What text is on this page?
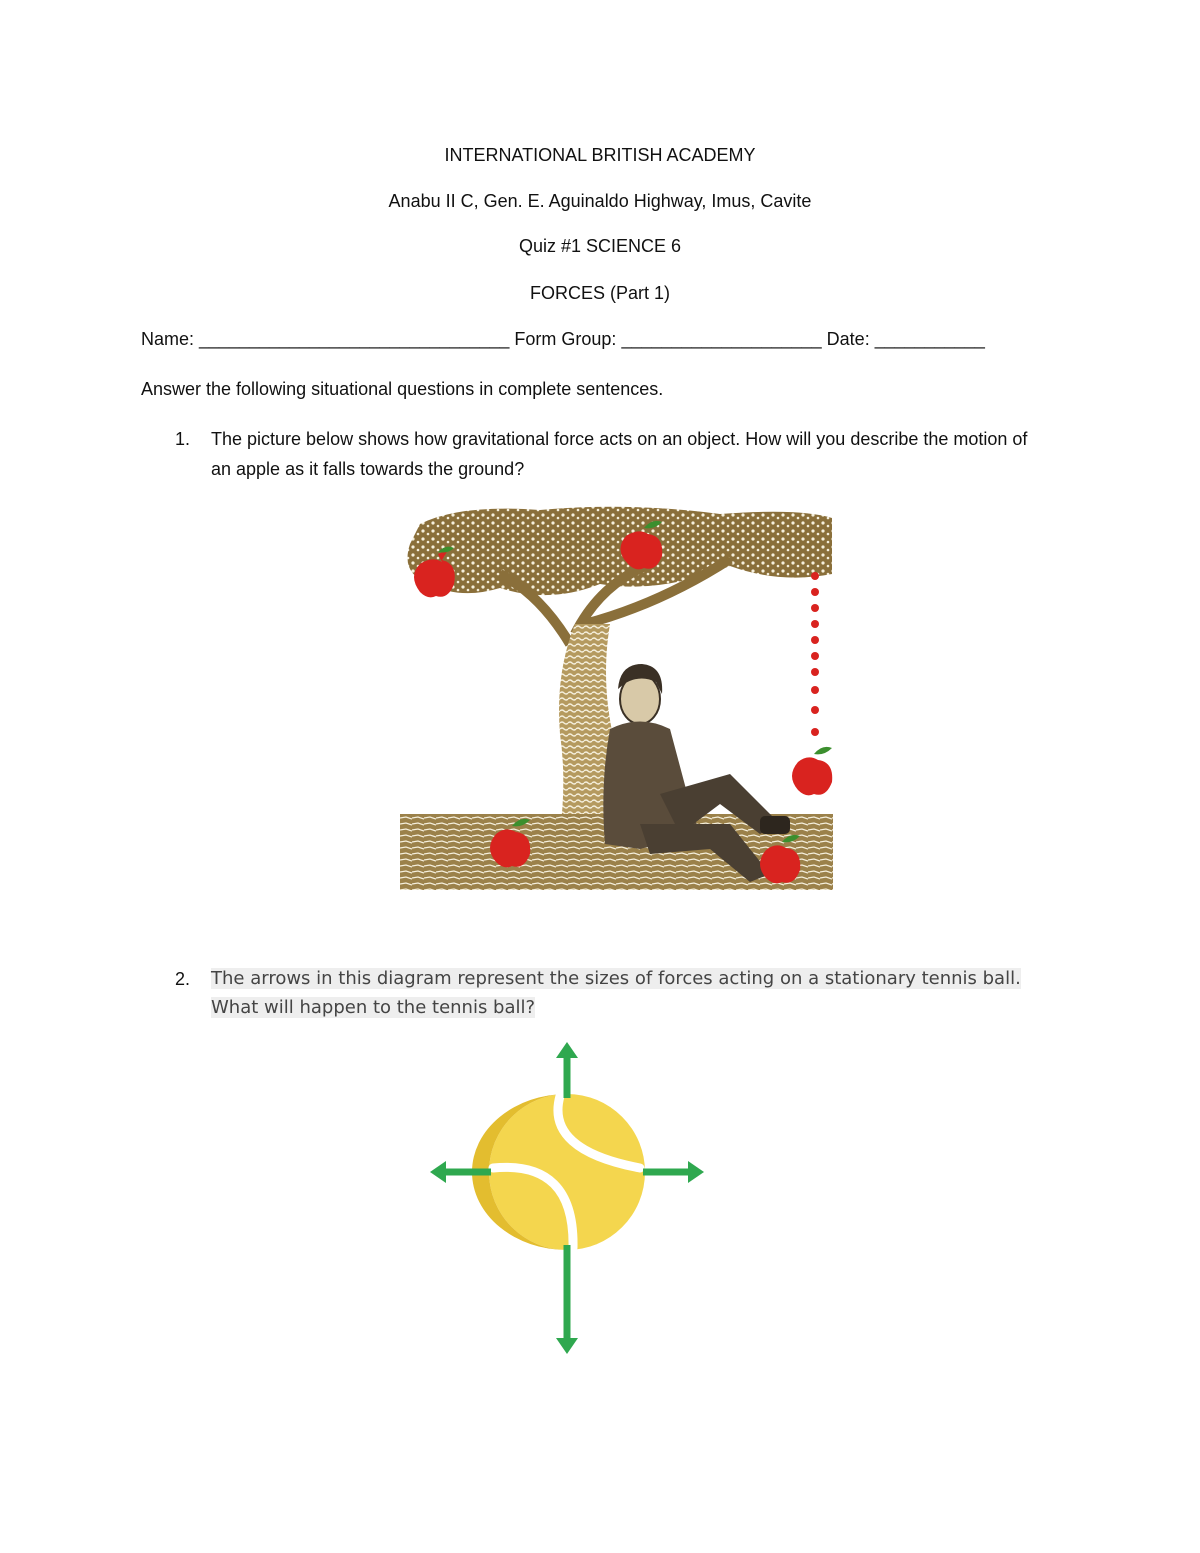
INTERNATIONAL BRITISH ACADEMY
Anabu II C, Gen. E. Aguinaldo Highway, Imus, Cavite
Quiz #1 SCIENCE 6
FORCES (Part 1)
Name: _______________________________ Form Group: ____________________ Date: ___________
Answer the following situational questions in complete sentences.
1. The picture below shows how gravitational force acts on an object. How will you describe the motion of an apple as it falls towards the ground?
2. The arrows in this diagram represent the sizes of forces acting on a stationary tennis ball. What will happen to the tennis ball?
